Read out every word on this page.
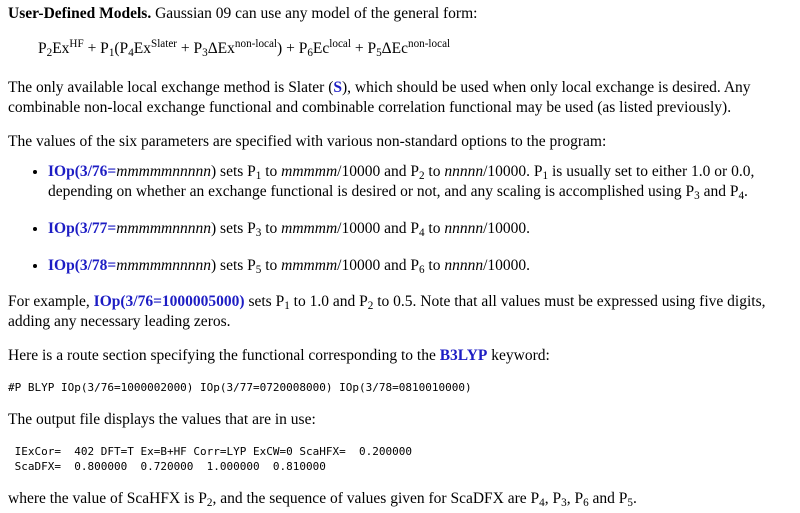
User-Defined Models. Gaussian 09 can use any model of the general form:

$P_2Ex^{HF} + P_1(P_4Ex^{Slater} + P_3\Delta Ex^{non-local}) + P_6Ec^{local} + P_5\Delta Ec^{non-local}$

The only available local exchange method is Slater (S), which should be used when only local exchange is desired. Any combinable non-local exchange functional and combinable correlation functional may be used (as listed previously).

The values of the six parameters are specified with various non-standard options to the program:

• IOp(3/76=mmmmmnnnnn) sets $P_1$ to mmmmm/10000 and $P_2$ to nnnnn/10000. $P_1$ is usually set to either 1.0 or 0.0, depending on whether an exchange functional is desired or not, and any scaling is accomplished using $P_3$ and $P_4$.
• IOp(3/77=mmmmmnnnnn) sets $P_3$ to mmmmm/10000 and $P_4$ to nnnnn/10000.
• IOp(3/78=mmmmmnnnnn) sets $P_5$ to mmmmm/10000 and $P_6$ to nnnnn/10000.

For example, IOp(3/76=1000005000) sets $P_1$ to 1.0 and $P_2$ to 0.5. Note that all values must be expressed using five digits, adding any necessary leading zeros.

Here is a route section specifying the functional corresponding to the B3LYP keyword:

#P BLYP IOp(3/76=1000002000) IOp(3/77=0720008000) IOp(3/78=0810010000)

The output file displays the values that are in use:

IExCor=  402 DFT=T Ex=B+HF Corr=LYP ExCW=0 ScaHFX=  0.200000
ScaDFX=  0.800000  0.720000  1.000000  0.810000

where the value of ScaHFX is $P_2$, and the sequence of values given for ScaDFX are $P_4$, $P_3$, $P_6$ and $P_5$.
